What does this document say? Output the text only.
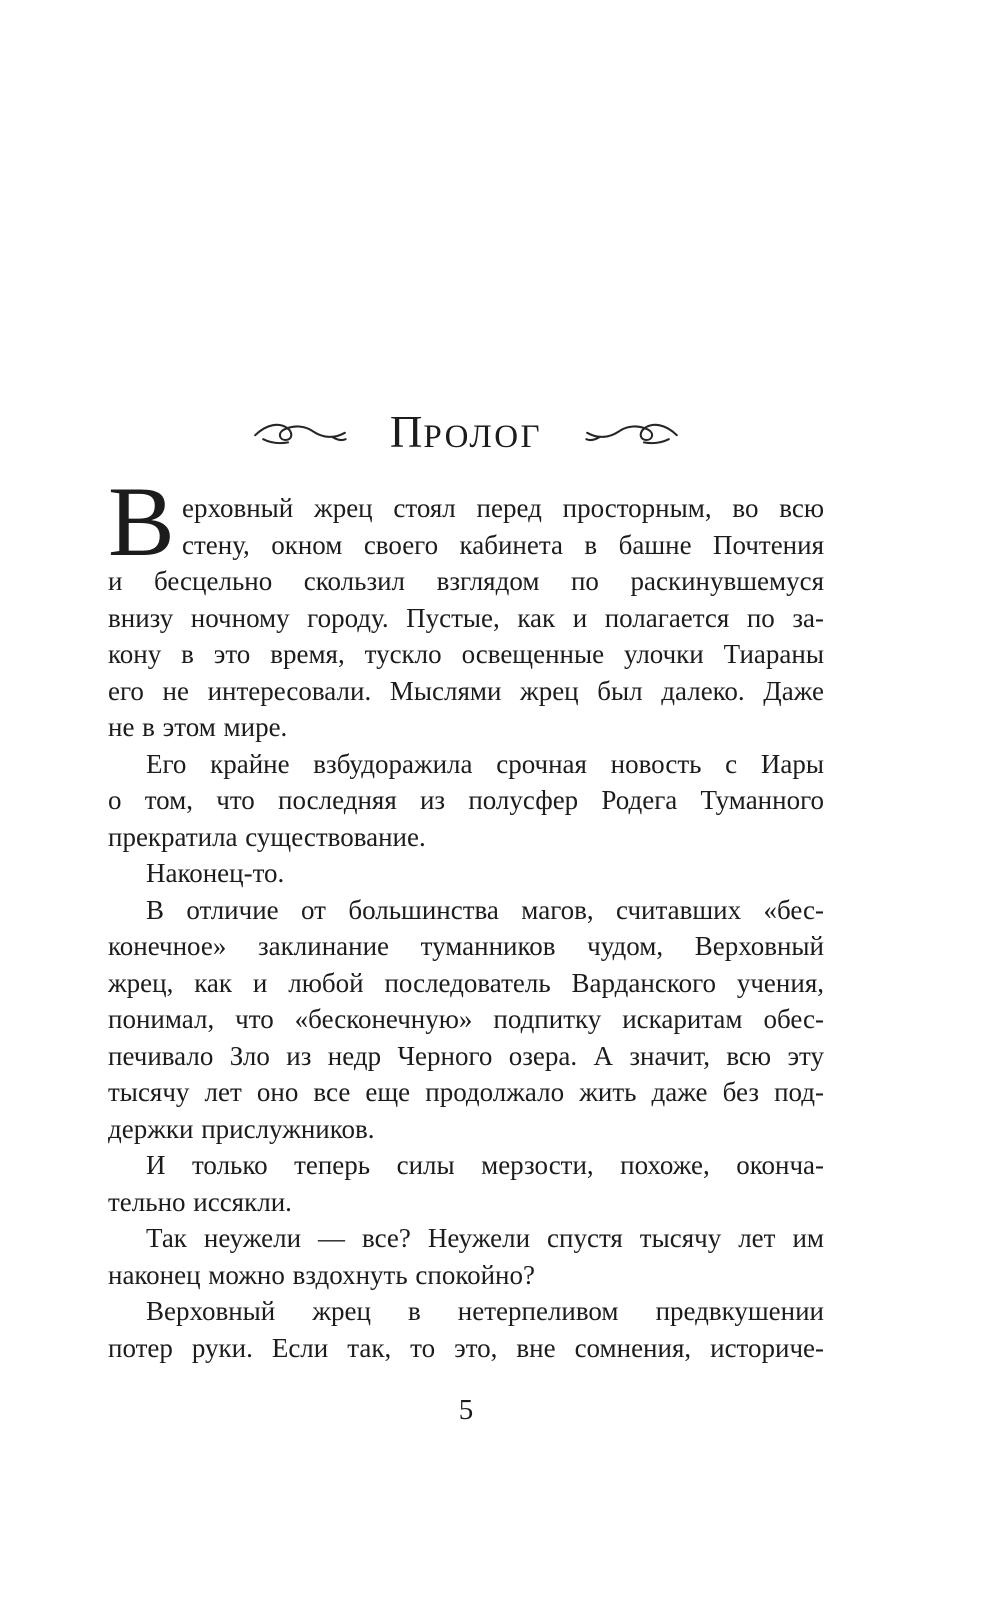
ПРОЛОГ
В ерховный жрец стоял перед просторным, во всю
стену, окном своего кабинета в башне Почтения
и бесцельно скользил взглядом по раскинувшемуся
внизу ночному городу. Пустые, как и полагается по за-
кону в это время, тускло освещенные улочки Тиараны
его не интересовали. Мыслями жрец был далеко. Даже
не в этом мире.
Его крайне взбудоражила срочная новость с Иары
о том, что последняя из полусфер Родега Туманного
прекратила существование.
Наконец-то.
В отличие от большинства магов, считавших «бес-
конечное» заклинание туманников чудом, Верховный
жрец, как и любой последователь Варданского учения,
понимал, что «бесконечную» подпитку искаритам обес-
печивало Зло из недр Черного озера. А значит, всю эту
тысячу лет оно все еще продолжало жить даже без под-
держки прислужников.
И только теперь силы мерзости, похоже, оконча-
тельно иссякли.
Так неужели — все? Неужели спустя тысячу лет им
наконец можно вздохнуть спокойно?
Верховный жрец в нетерпеливом предвкушении
потер руки. Если так, то это, вне сомнения, историче-
5
